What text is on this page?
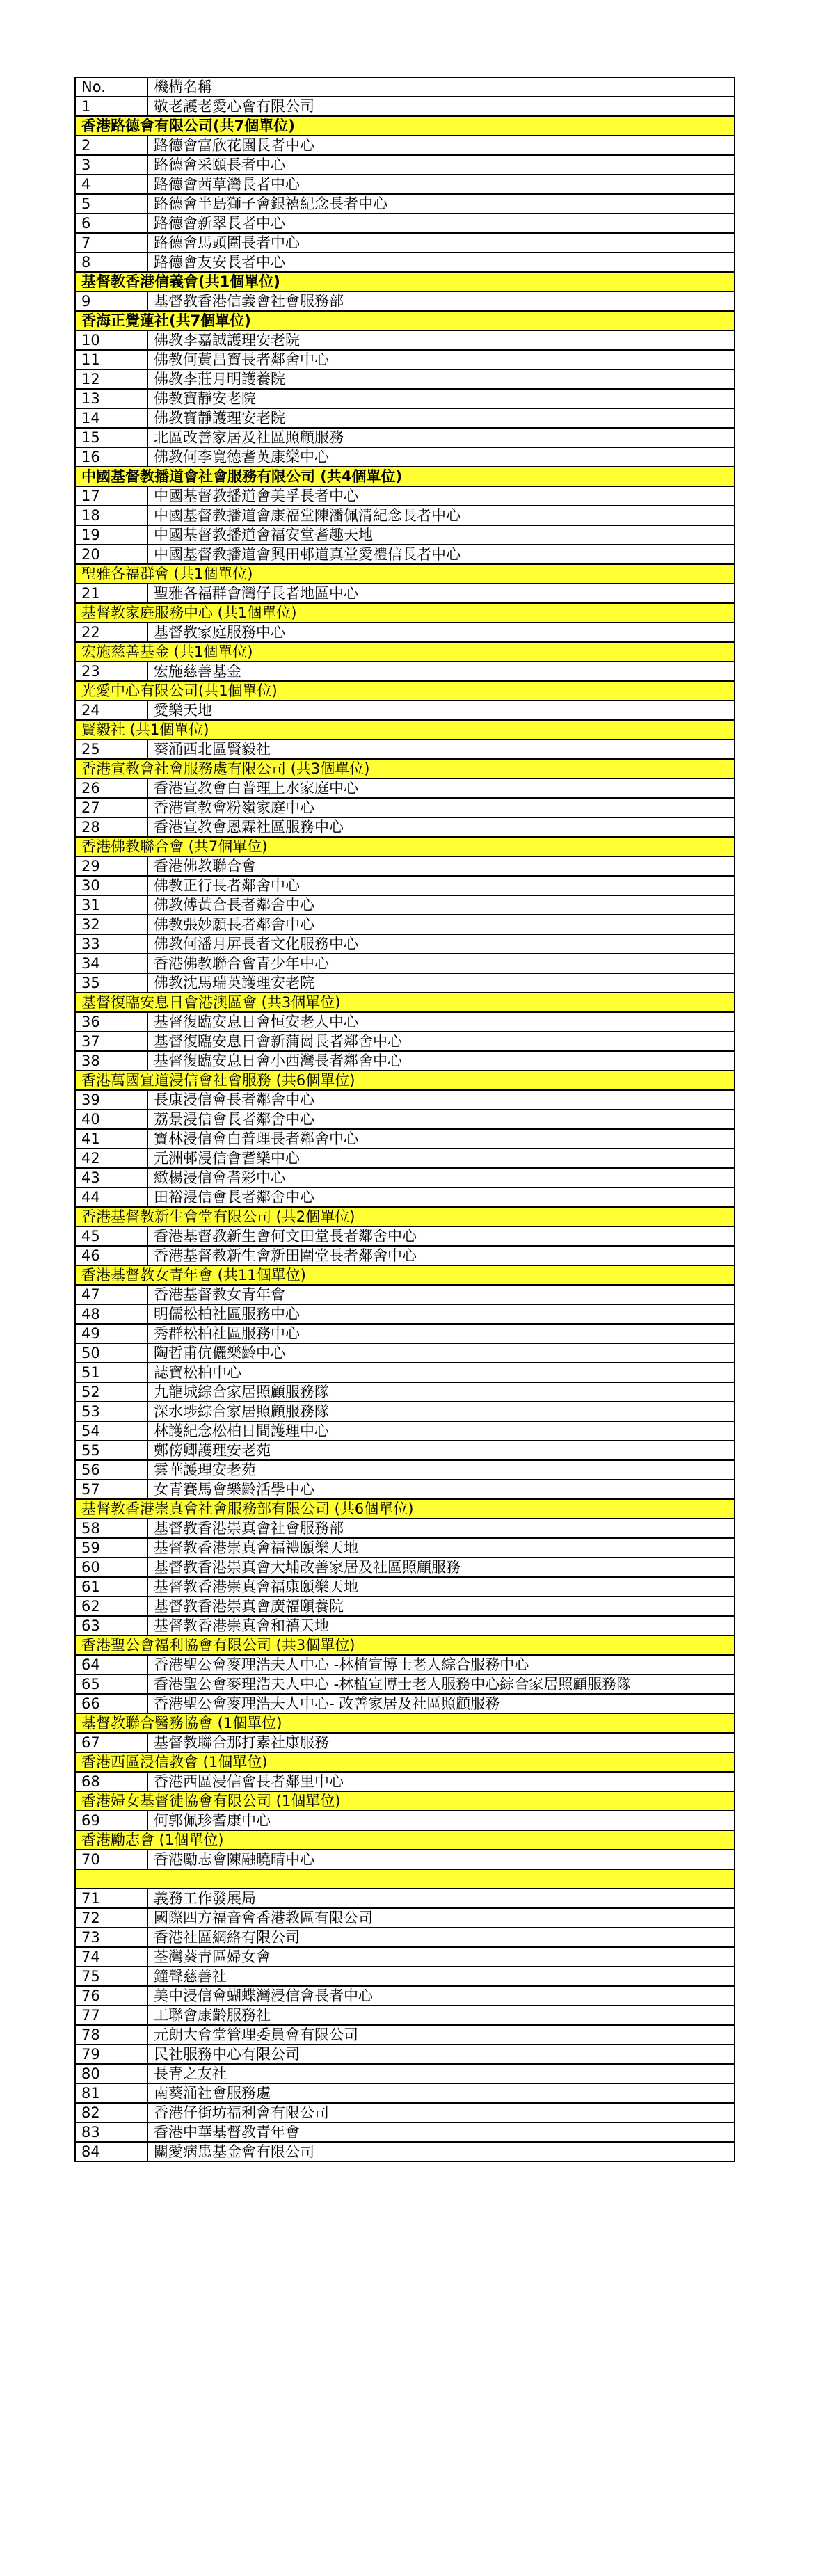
No.	機構名稱
1	敬老護老愛心會有限公司
香港路德會有限公司(共7個單位)	
2	路德會富欣花園長者中心
3	路德會采頤長者中心
4	路德會茜草灣長者中心
5	路德會半島獅子會銀禧紀念長者中心
6	路德會新翠長者中心
7	路德會馬頭圍長者中心
8	路德會友安長者中心
基督教香港信義會(共1個單位)	
9	基督教香港信義會社會服務部
香海正覺蓮社(共7個單位)	
10	佛教李嘉誠護理安老院
11	佛教何黃昌寶長者鄰舍中心
12	佛教李莊月明護養院
13	佛教寶靜安老院
14	佛教寶靜護理安老院
15	北區改善家居及社區照顧服務
16	佛教何李寬德耆英康樂中心
中國基督教播道會社會服務有限公司 (共4個單位)	
17	中國基督教播道會美孚長者中心
18	中國基督教播道會康福堂陳潘佩清紀念長者中心
19	中國基督教播道會福安堂耆趣天地
20	中國基督教播道會興田邨道真堂愛禮信長者中心
聖雅各福群會 (共1個單位)	
21	聖雅各福群會灣仔長者地區中心
基督教家庭服務中心 (共1個單位)	
22	基督教家庭服務中心
宏施慈善基金 (共1個單位)	
23	宏施慈善基金
光愛中心有限公司(共1個單位)	
24	愛樂天地
賢毅社 (共1個單位)	
25	葵涌西北區賢毅社
香港宣教會社會服務處有限公司 (共3個單位)	
26	香港宣教會白普理上水家庭中心
27	香港宣教會粉嶺家庭中心
28	香港宣教會恩霖社區服務中心
香港佛教聯合會 (共7個單位)	
29	香港佛教聯合會
30	佛教正行長者鄰舍中心
31	佛教傅黃合長者鄰舍中心
32	佛教張妙願長者鄰舍中心
33	佛教何潘月屏長者文化服務中心
34	香港佛教聯合會青少年中心
35	佛教沈馬瑞英護理安老院
基督復臨安息日會港澳區會 (共3個單位)	
36	基督復臨安息日會恒安老人中心
37	基督復臨安息日會新蒲崗長者鄰舍中心
38	基督復臨安息日會小西灣長者鄰舍中心
香港萬國宣道浸信會社會服務 (共6個單位)	
39	長康浸信會長者鄰舍中心
40	荔景浸信會長者鄰舍中心
41	寶林浸信會白普理長者鄰舍中心
42	元洲邨浸信會耆樂中心
43	緻楊浸信會耆彩中心
44	田裕浸信會長者鄰舍中心
香港基督教新生會堂有限公司 (共2個單位)	
45	香港基督教新生會何文田堂長者鄰舍中心
46	香港基督教新生會新田圍堂長者鄰舍中心
香港基督教女青年會 (共11個單位)	
47	香港基督教女青年會
48	明儒松柏社區服務中心
49	秀群松柏社區服務中心
50	陶哲甫伉儷樂齡中心
51	誌寶松柏中心
52	九龍城綜合家居照顧服務隊
53	深水埗綜合家居照顧服務隊
54	林護紀念松柏日間護理中心
55	鄭傍卿護理安老苑
56	雲華護理安老苑
57	女青賽馬會樂齡活學中心
基督教香港崇真會社會服務部有限公司 (共6個單位)	
58	基督教香港崇真會社會服務部
59	基督教香港崇真會福禮頤樂天地
60	基督教香港崇真會大埔改善家居及社區照顧服務
61	基督教香港崇真會福康頤樂天地
62	基督教香港崇真會廣福頤養院
63	基督教香港崇真會和禧天地
香港聖公會福利協會有限公司 (共3個單位)	
64	香港聖公會麥理浩夫人中心 -林植宣博士老人綜合服務中心
65	香港聖公會麥理浩夫人中心 -林植宣博士老人服務中心綜合家居照顧服務隊
66	香港聖公會麥理浩夫人中心- 改善家居及社區照顧服務
基督教聯合醫務協會 (1個單位)	
67	基督教聯合那打素社康服務
香港西區浸信教會 (1個單位)	
68	香港西區浸信會長者鄰里中心
香港婦女基督徒協會有限公司 (1個單位)	
69	何郭佩珍耆康中心
香港勵志會 (1個單位)	
70	香港勵志會陳融曉晴中心

71	義務工作發展局
72	國際四方福音會香港教區有限公司
73	香港社區網絡有限公司
74	荃灣葵青區婦女會
75	鐘聲慈善社
76	美中浸信會蝴蝶灣浸信會長者中心
77	工聯會康齡服務社
78	元朗大會堂管理委員會有限公司
79	民社服務中心有限公司
80	長青之友社
81	南葵涌社會服務處
82	香港仔街坊福利會有限公司
83	香港中華基督教青年會
84	關愛病患基金會有限公司
